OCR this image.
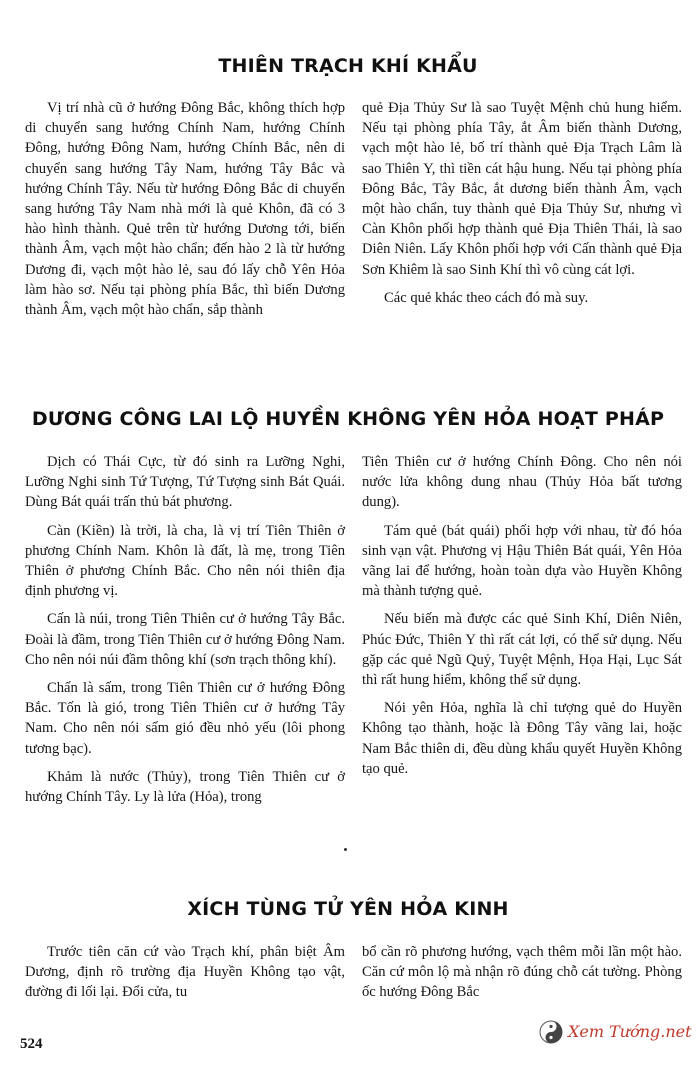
THIÊN TRẠCH KHÍ KHẨU

Vị trí nhà cũ ở hướng Đông Bắc, không thích hợp di chuyển sang hướng Chính Nam, hướng Chính Đông, hướng Đông Nam, hướng Chính Bắc, nên di chuyển sang hướng Tây Nam, hướng Tây Bắc và hướng Chính Tây. Nếu từ hướng Đông Bắc di chuyển sang hướng Tây Nam nhà mới là quẻ Khôn, đã có 3 hào hình thành. Quẻ trên từ hướng Dương tới, biến thành Âm, vạch một hào chẩn; đến hào 2 là từ hướng Dương đi, vạch một hào lẻ, sau đó lấy chỗ Yên Hỏa làm hào sơ. Nếu tại phòng phía Bắc, thì biến Dương thành Âm, vạch một hào chẩn, sắp thành

quẻ Địa Thủy Sư là sao Tuyệt Mệnh chủ hung hiểm. Nếu tại phòng phía Tây, ắt Âm biến thành Dương, vạch một hào lẻ, bố trí thành quẻ Địa Trạch Lâm là sao Thiên Y, thì tiền cát hậu hung. Nếu tại phòng phía Đông Bắc, Tây Bắc, ắt dương biến thành Âm, vạch một hào chẩn, tuy thành quẻ Địa Thủy Sư, nhưng vì Càn Khôn phối hợp thành quẻ Địa Thiên Thái, là sao Diên Niên. Lấy Khôn phối hợp với Cấn thành quẻ Địa Sơn Khiêm là sao Sinh Khí thì vô cùng cát lợi.

Các quẻ khác theo cách đó mà suy.

DƯƠNG CÔNG LAI LỘ HUYỀN KHÔNG YÊN HỎA HOẠT PHÁP

Dịch có Thái Cực, từ đó sinh ra Lưỡng Nghi, Lưỡng Nghi sinh Tứ Tượng, Tứ Tượng sinh Bát Quái. Dùng Bát quái trấn thủ bát phương.

Càn (Kiền) là trời, là cha, là vị trí Tiên Thiên ở phương Chính Nam. Khôn là đất, là mẹ, trong Tiên Thiên ở phương Chính Bắc. Cho nên nói thiên địa định phương vị.

Cấn là núi, trong Tiên Thiên cư ở hướng Tây Bắc. Đoài là đầm, trong Tiên Thiên cư ở hướng Đông Nam. Cho nên nói núi đầm thông khí (sơn trạch thông khí).

Chấn là sấm, trong Tiên Thiên cư ở hướng Đông Bắc. Tốn là gió, trong Tiên Thiên cư ở hướng Tây Nam. Cho nên nói sấm gió đều nhỏ yếu (lôi phong tương bạc).

Khảm là nước (Thủy), trong Tiên Thiên cư ở hướng Chính Tây. Ly là lửa (Hỏa), trong

Tiên Thiên cư ở hướng Chính Đông. Cho nên nói nước lửa không dung nhau (Thủy Hỏa bất tương dung).

Tám quẻ (bát quái) phối hợp với nhau, từ đó hóa sinh vạn vật. Phương vị Hậu Thiên Bát quái, Yên Hỏa vãng lai để hướng, hoàn toàn dựa vào Huyền Không mà thành tượng quẻ.

Nếu biến mà được các quẻ Sinh Khí, Diên Niên, Phúc Đức, Thiên Y thì rất cát lợi, có thể sử dụng. Nếu gặp các quẻ Ngũ Quỷ, Tuyệt Mệnh, Họa Hại, Lục Sát thì rất hung hiểm, không thể sử dụng.

Nói yên Hỏa, nghĩa là chỉ tượng quẻ do Huyền Không tạo thành, hoặc là Đông Tây vãng lai, hoặc Nam Bắc thiên di, đều dùng khẩu quyết Huyền Không tạo quẻ.

XÍCH TÙNG TỬ YÊN HỎA KINH

Trước tiên căn cứ vào Trạch khí, phân biệt Âm Dương, định rõ trường địa Huyền Không tạo vật, đường đi lối lại. Đổi cửa, tu

bổ cần rõ phương hướng, vạch thêm mỗi lần một hào. Căn cứ môn lộ mà nhận rõ đúng chỗ cát tường. Phòng ốc hướng Đông Bắc

524
Xem Tướng.net
